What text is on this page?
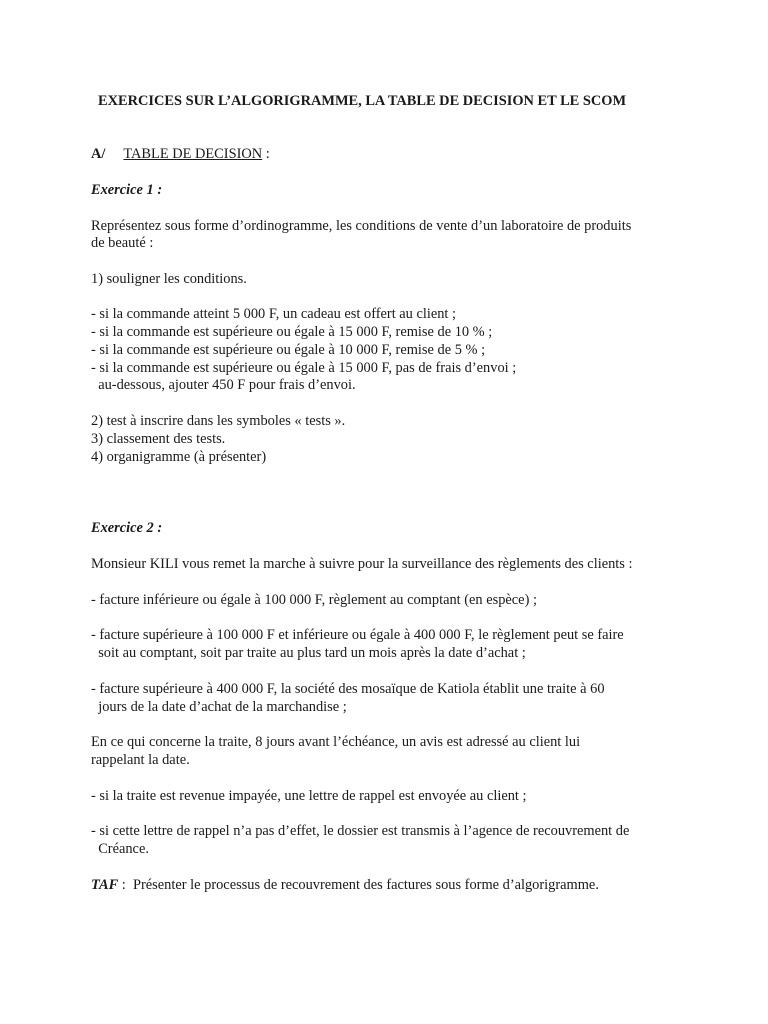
EXERCICES SUR L’ALGORIGRAMME, LA TABLE DE DECISION ET LE SCOM
A/ TABLE DE DECISION :
Exercice 1 :
Représentez sous forme d’ordinogramme, les conditions de vente d’un laboratoire de produits
de beauté :
1) souligner les conditions.
- si la commande atteint 5 000 F, un cadeau est offert au client ;
- si la commande est supérieure ou égale à 15 000 F, remise de 10 % ;
- si la commande est supérieure ou égale à 10 000 F, remise de 5 % ;
- si la commande est supérieure ou égale à 15 000 F, pas de frais d’envoi ;
au-dessous, ajouter 450 F pour frais d’envoi.
2) test à inscrire dans les symboles « tests ».
3) classement des tests.
4) organigramme (à présenter)
Exercice 2 :
Monsieur KILI vous remet la marche à suivre pour la surveillance des règlements des clients :
- facture inférieure ou égale à 100 000 F, règlement au comptant (en espèce) ;
- facture supérieure à 100 000 F et inférieure ou égale à 400 000 F, le règlement peut se faire
soit au comptant, soit par traite au plus tard un mois après la date d’achat ;
- facture supérieure à 400 000 F, la société des mosaïque de Katiola établit une traite à 60
jours de la date d’achat de la marchandise ;
En ce qui concerne la traite, 8 jours avant l’échéance, un avis est adressé au client lui
rappelant la date.
- si la traite est revenue impayée, une lettre de rappel est envoyée au client ;
- si cette lettre de rappel n’a pas d’effet, le dossier est transmis à l’agence de recouvrement de
Créance.
TAF :  Présenter le processus de recouvrement des factures sous forme d’algorigramme.
